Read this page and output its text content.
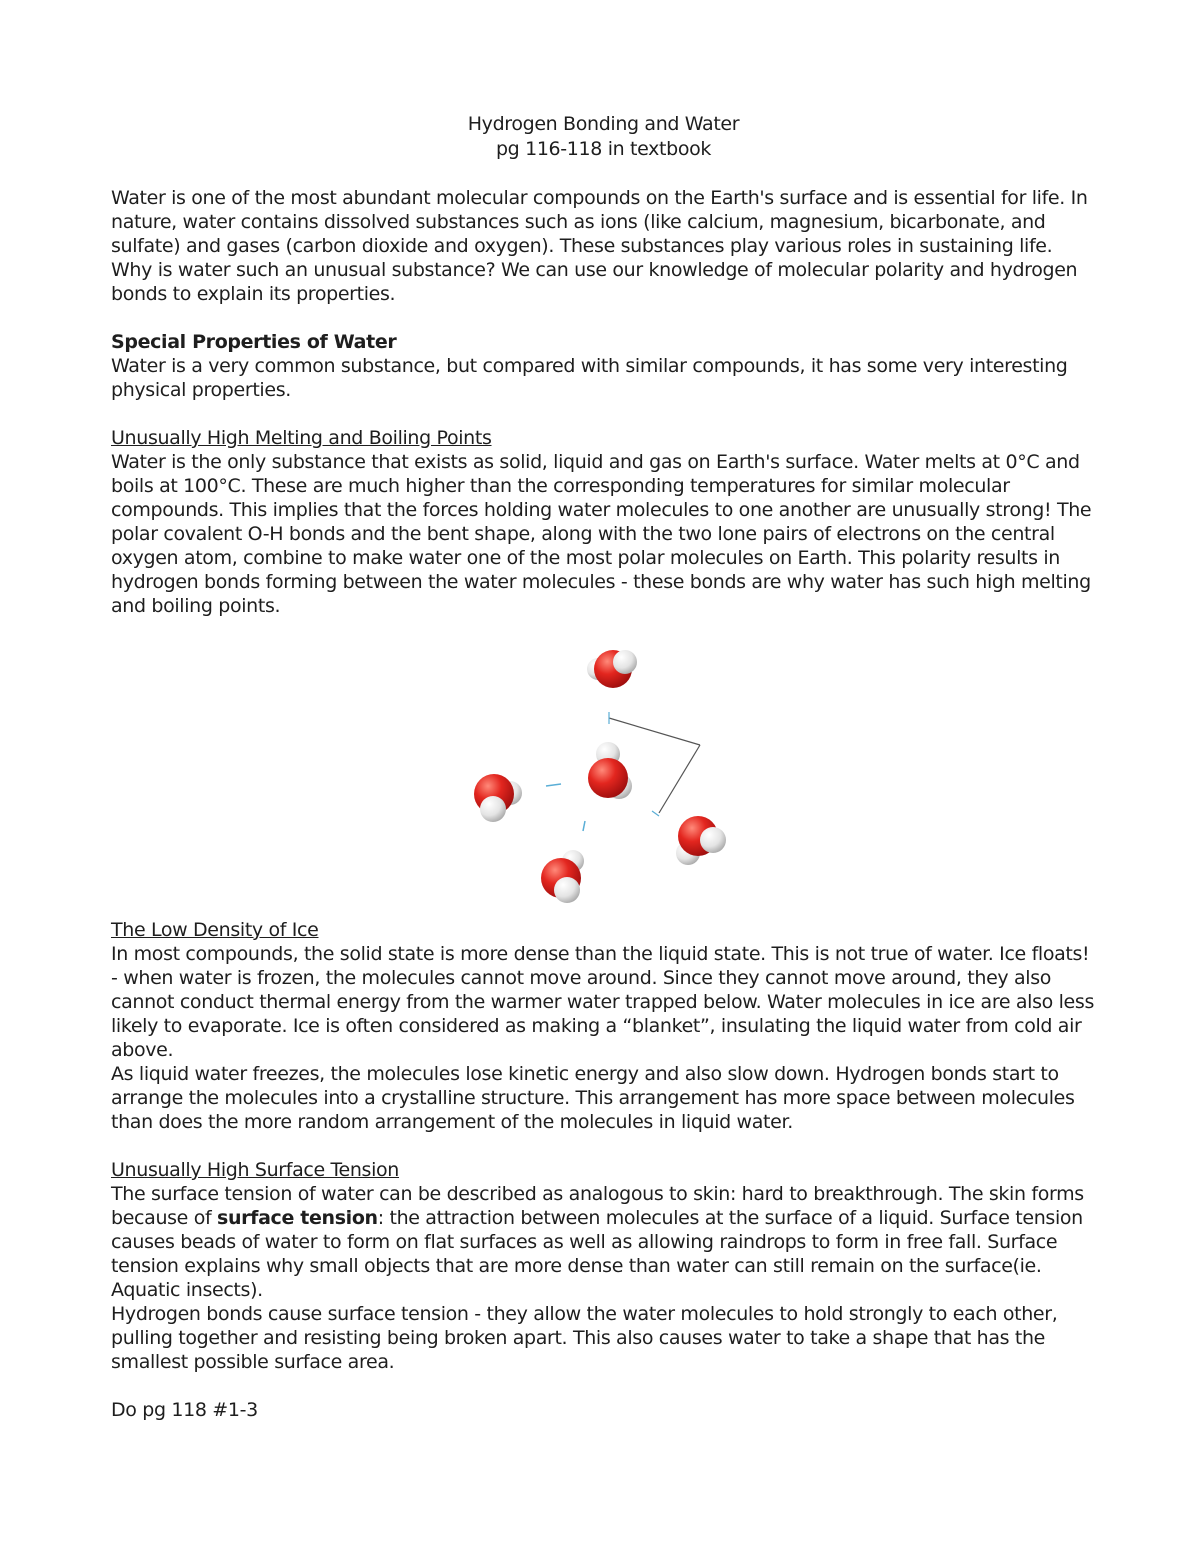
Hydrogen Bonding and Water

pg 116-118 in textbook

Water is one of the most abundant molecular compounds on the Earth's surface and is essential for life. In nature, water contains dissolved substances such as ions (like calcium, magnesium, bicarbonate, and sulfate) and gases (carbon dioxide and oxygen). These substances play various roles in sustaining life. Why is water such an unusual substance? We can use our knowledge of molecular polarity and hydrogen bonds to explain its properties.

Special Properties of Water

Water is a very common substance, but compared with similar compounds, it has some very interesting physical properties.

Unusually High Melting and Boiling Points

Water is the only substance that exists as solid, liquid and gas on Earth's surface. Water melts at 0°C and boils at 100°C. These are much higher than the corresponding temperatures for similar molecular compounds. This implies that the forces holding water molecules to one another are unusually strong! The polar covalent O-H bonds and the bent shape, along with the two lone pairs of electrons on the central oxygen atom, combine to make water one of the most polar molecules on Earth. This polarity results in hydrogen bonds forming between the water molecules - these bonds are why water has such high melting and boiling points.

The Low Density of Ice

In most compounds, the solid state is more dense than the liquid state. This is not true of water. Ice floats! - when water is frozen, the molecules cannot move around. Since they cannot move around, they also cannot conduct thermal energy from the warmer water trapped below. Water molecules in ice are also less likely to evaporate. Ice is often considered as making a “blanket”, insulating the liquid water from cold air above.

As liquid water freezes, the molecules lose kinetic energy and also slow down. Hydrogen bonds start to arrange the molecules into a crystalline structure. This arrangement has more space between molecules than does the more random arrangement of the molecules in liquid water.

Unusually High Surface Tension

The surface tension of water can be described as analogous to skin: hard to breakthrough. The skin forms because of surface tension: the attraction between molecules at the surface of a liquid. Surface tension causes beads of water to form on flat surfaces as well as allowing raindrops to form in free fall. Surface tension explains why small objects that are more dense than water can still remain on the surface(ie. Aquatic insects).

Hydrogen bonds cause surface tension - they allow the water molecules to hold strongly to each other, pulling together and resisting being broken apart. This also causes water to take a shape that has the smallest possible surface area.

Do pg 118 #1-3
